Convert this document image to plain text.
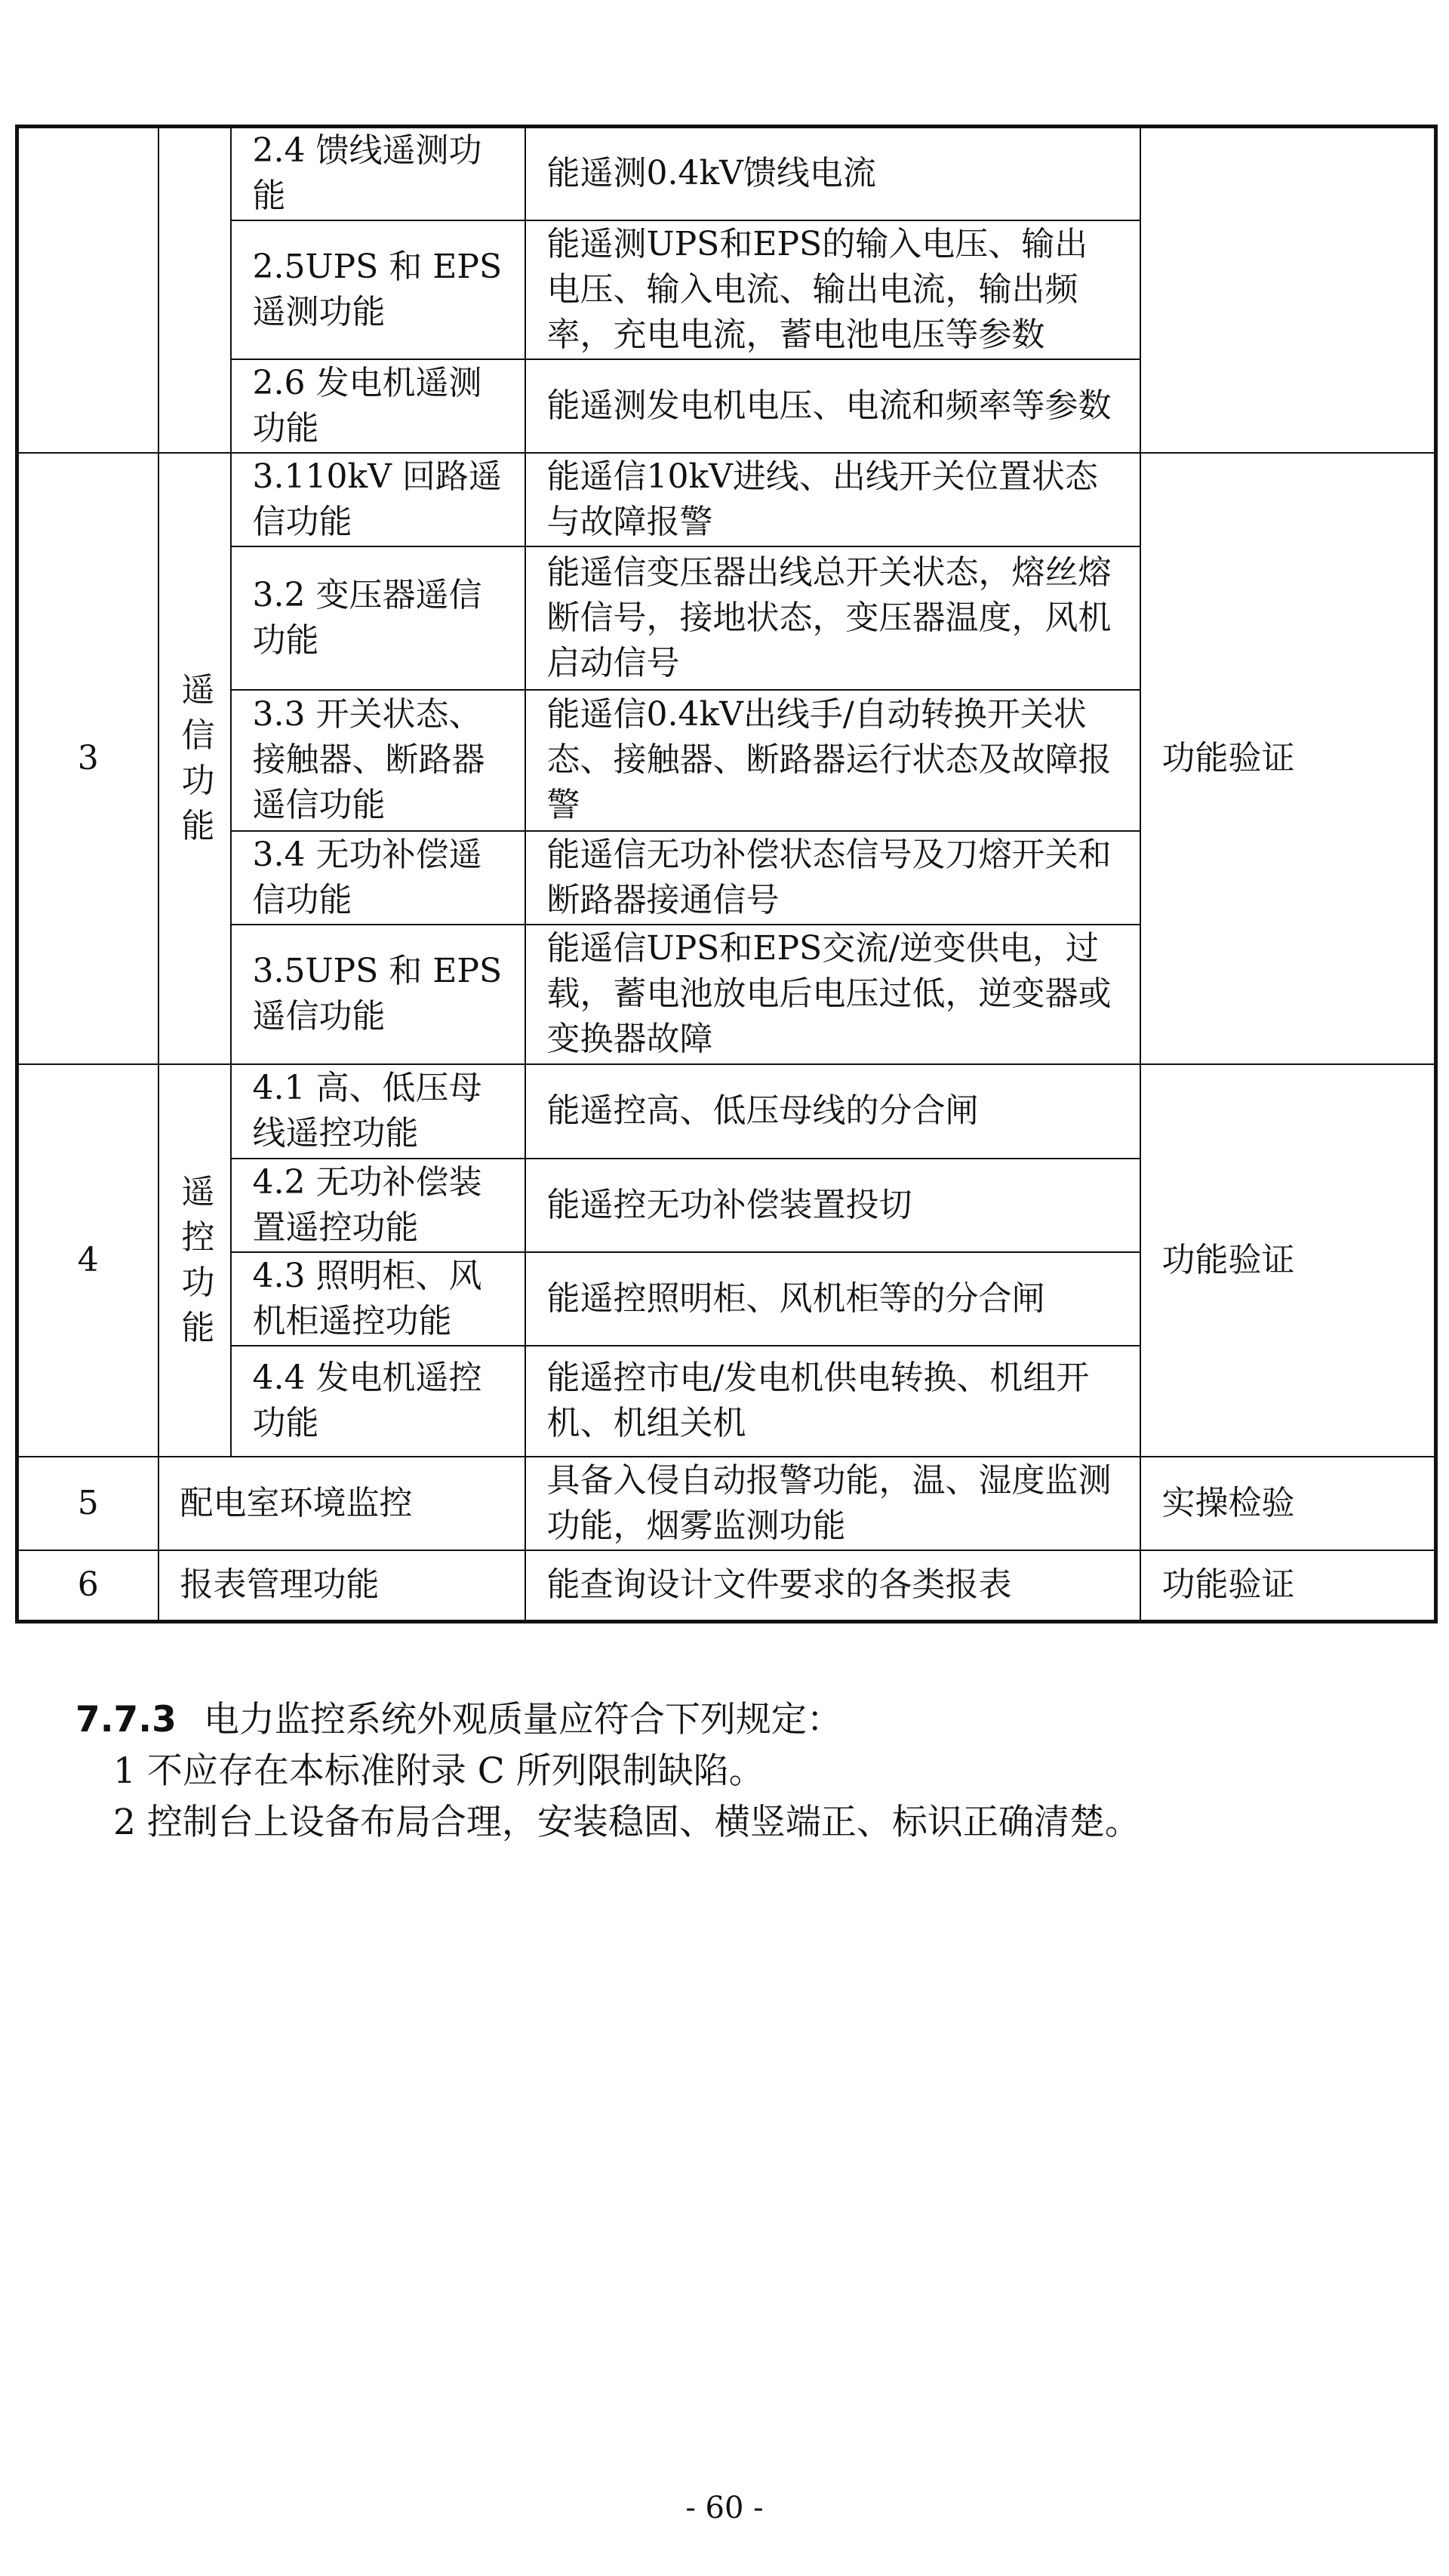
		2.4 馈线遥测功能	能遥测0.4kV馈线电流	
		2.5UPS 和 EPS 遥测功能	能遥测UPS和EPS的输入电压、输出电压、输入电流、输出电流，输出频率，充电电流，蓄电池电压等参数	
		2.6 发电机遥测功能	能遥测发电机电压、电流和频率等参数	
3	遥信功能	3.110kV 回路遥信功能	能遥信10kV进线、出线开关位置状态与故障报警	功能验证
		3.2 变压器遥信功能	能遥信变压器出线总开关状态，熔丝熔断信号，接地状态，变压器温度，风机启动信号	
		3.3 开关状态、接触器、断路器遥信功能	能遥信0.4kV出线手/自动转换开关状态、接触器、断路器运行状态及故障报警	
		3.4 无功补偿遥信功能	能遥信无功补偿状态信号及刀熔开关和断路器接通信号	
		3.5UPS 和 EPS 遥信功能	能遥信UPS和EPS交流/逆变供电，过载，蓄电池放电后电压过低，逆变器或变换器故障	
4	遥控功能	4.1 高、低压母线遥控功能	能遥控高、低压母线的分合闸	功能验证
		4.2 无功补偿装置遥控功能	能遥控无功补偿装置投切	
		4.3 照明柜、风机柜遥控功能	能遥控照明柜、风机柜等的分合闸	
		4.4 发电机遥控功能	能遥控市电/发电机供电转换、机组开机、机组关机	
5	配电室环境监控		具备入侵自动报警功能，温、湿度监测功能，烟雾监测功能	实操检验
6	报表管理功能		能查询设计文件要求的各类报表	功能验证
7.7.3 电力监控系统外观质量应符合下列规定：
1 不应存在本标准附录 C 所列限制缺陷。
2 控制台上设备布局合理，安装稳固、横竖端正、标识正确清楚。
- 60 -
